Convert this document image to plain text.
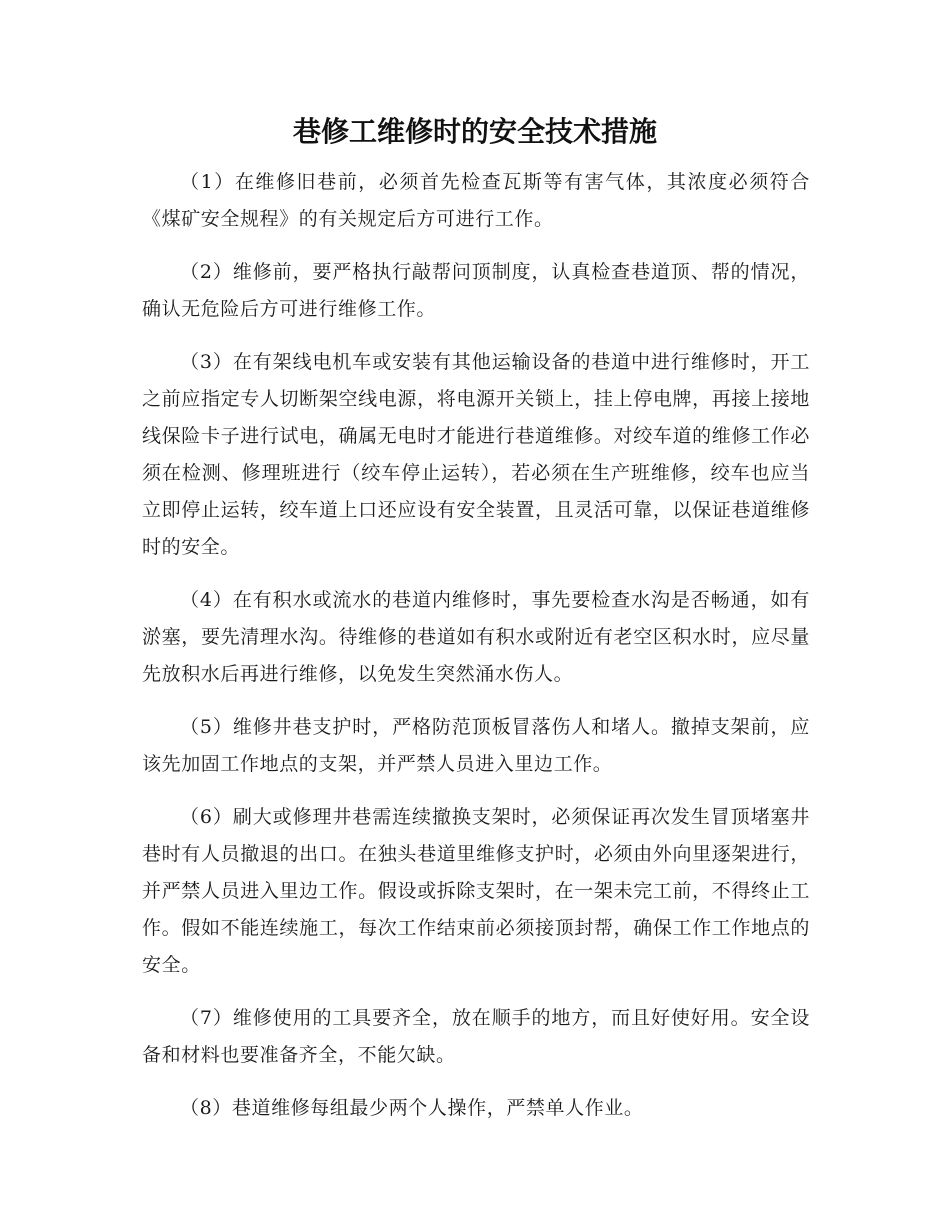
巷修工维修时的安全技术措施

（1）在维修旧巷前，必须首先检查瓦斯等有害气体，其浓度必须符合《煤矿安全规程》的有关规定后方可进行工作。

（2）维修前，要严格执行敲帮问顶制度，认真检查巷道顶、帮的情况，确认无危险后方可进行维修工作。

（3）在有架线电机车或安装有其他运输设备的巷道中进行维修时，开工之前应指定专人切断架空线电源，将电源开关锁上，挂上停电牌，再接上接地线保险卡子进行试电，确属无电时才能进行巷道维修。对绞车道的维修工作必须在检测、修理班进行（绞车停止运转），若必须在生产班维修，绞车也应当立即停止运转，绞车道上口还应设有安全装置，且灵活可靠，以保证巷道维修时的安全。

（4）在有积水或流水的巷道内维修时，事先要检查水沟是否畅通，如有淤塞，要先清理水沟。待维修的巷道如有积水或附近有老空区积水时，应尽量先放积水后再进行维修，以免发生突然涌水伤人。

（5）维修井巷支护时，严格防范顶板冒落伤人和堵人。撤掉支架前，应该先加固工作地点的支架，并严禁人员进入里边工作。

（6）刷大或修理井巷需连续撤换支架时，必须保证再次发生冒顶堵塞井巷时有人员撤退的出口。在独头巷道里维修支护时，必须由外向里逐架进行，并严禁人员进入里边工作。假设或拆除支架时，在一架未完工前，不得终止工作。假如不能连续施工，每次工作结束前必须接顶封帮，确保工作工作地点的安全。

（7）维修使用的工具要齐全，放在顺手的地方，而且好使好用。安全设备和材料也要准备齐全，不能欠缺。

（8）巷道维修每组最少两个人操作，严禁单人作业。
